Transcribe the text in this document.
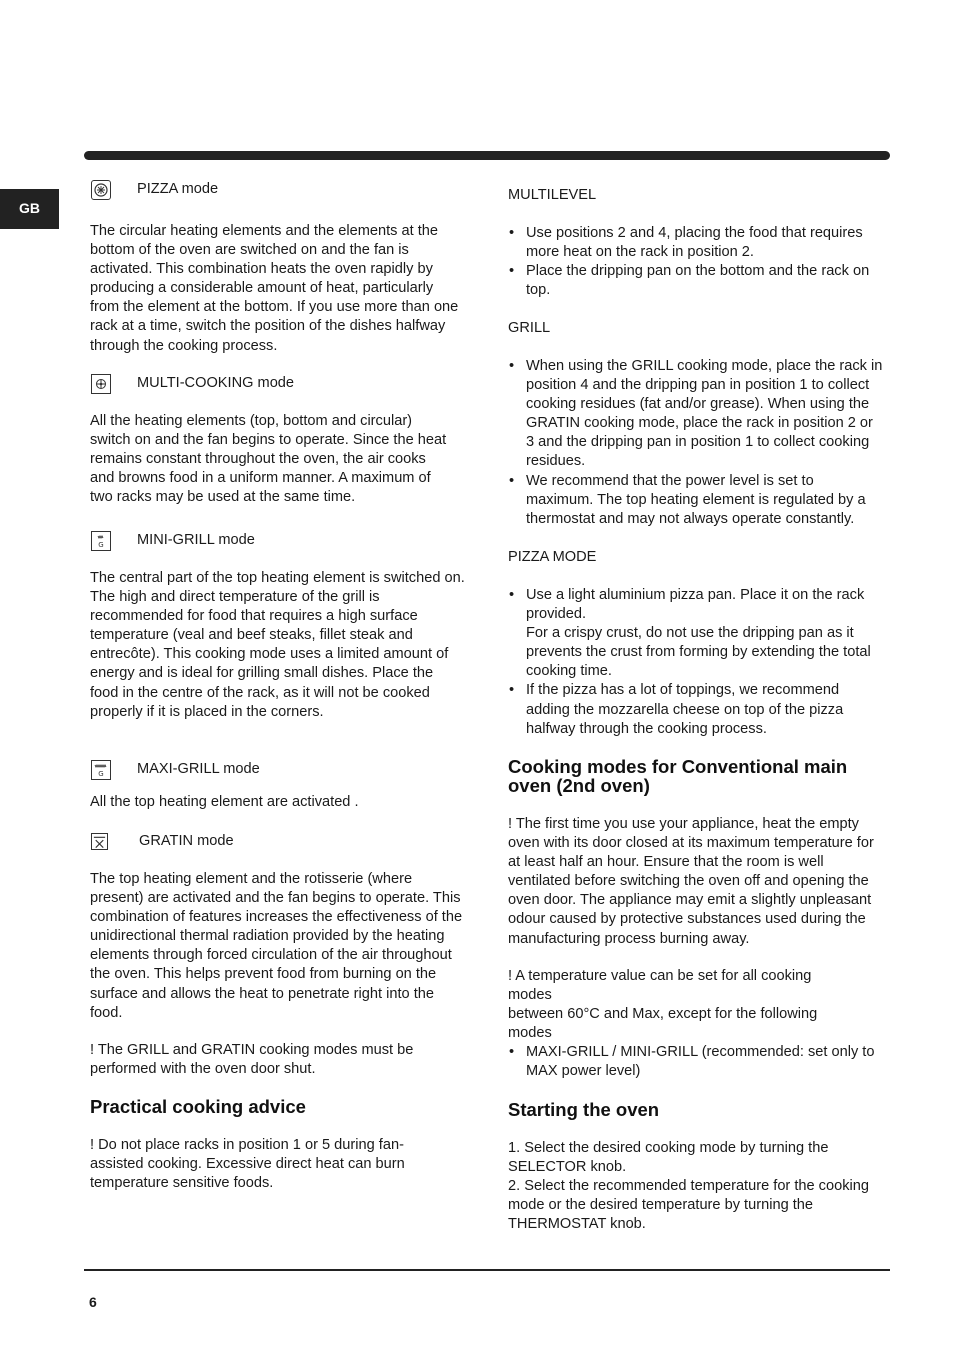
GB
PIZZA mode

The circular heating elements and the elements at the bottom of the oven are switched on and the fan is activated. This combination heats the oven rapidly by producing a considerable amount of heat, particularly from the element at the bottom. If you use more than one rack at a time, switch the position of the dishes halfway through the cooking process.

MULTI-COOKING mode

All the heating elements (top, bottom and circular) switch on and the fan begins to operate. Since the heat remains constant throughout the oven, the air cooks and browns food in a uniform manner. A maximum of two racks may be used at the same time.

G MINI-GRILL mode

The central part of the top heating element is switched on. The high and direct temperature of the grill is recommended for food that requires a high surface temperature (veal and beef steaks, fillet steak and entrecôte). This cooking mode uses a limited amount of energy and is ideal for grilling small dishes. Place the food in the centre of the rack, as it will not be cooked properly if it is placed in the corners.

G MAXI-GRILL mode

All the top heating element are activated .

GRATIN mode

The top heating element and the rotisserie (where present) are activated and the fan begins to operate. This combination of features increases the effectiveness of the unidirectional thermal radiation provided by the heating elements through forced circulation of the air throughout the oven. This helps prevent food from burning on the surface and allows the heat to penetrate right into the food.

! The GRILL and GRATIN cooking modes must be performed with the oven door shut.

Practical cooking advice

! Do not place racks in position 1 or 5 during fan-assisted cooking. Excessive direct heat can burn temperature sensitive foods.

MULTILEVEL

• Use positions 2 and 4, placing the food that requires more heat on the rack in position 2.
• Place the dripping pan on the bottom and the rack on top.

GRILL

• When using the GRILL cooking mode, place the rack in position 4 and the dripping pan in position 1 to collect cooking residues (fat and/or grease). When using the GRATIN cooking mode, place the rack in position 2 or 3 and the dripping pan in position 1 to collect cooking residues.
• We recommend that the power level is set to maximum. The top heating element is regulated by a thermostat and may not always operate constantly.

PIZZA MODE

• Use a light aluminium pizza pan. Place it on the rack provided.
For a crispy crust, do not use the dripping pan as it prevents the crust from forming by extending the total cooking time.
• If the pizza has a lot of toppings, we recommend adding the mozzarella cheese on top of the pizza halfway through the cooking process.
Cooking modes for Conventional main oven (2nd oven)

! The first time you use your appliance, heat the empty oven with its door closed at its maximum temperature for at least half an hour. Ensure that the room is well ventilated before switching the oven off and opening the oven door. The appliance may emit a slightly unpleasant odour caused by protective substances used during the manufacturing process burning away.

! A temperature value can be set for all cooking modes

between 60°C and Max, except for the following modes

• MAXI-GRILL / MINI-GRILL (recommended: set only to MAX power level)
Starting the oven

1. Select the desired cooking mode by turning the SELECTOR knob.

2. Select the recommended temperature for the cooking mode or the desired temperature by turning the THERMOSTAT knob.

6
